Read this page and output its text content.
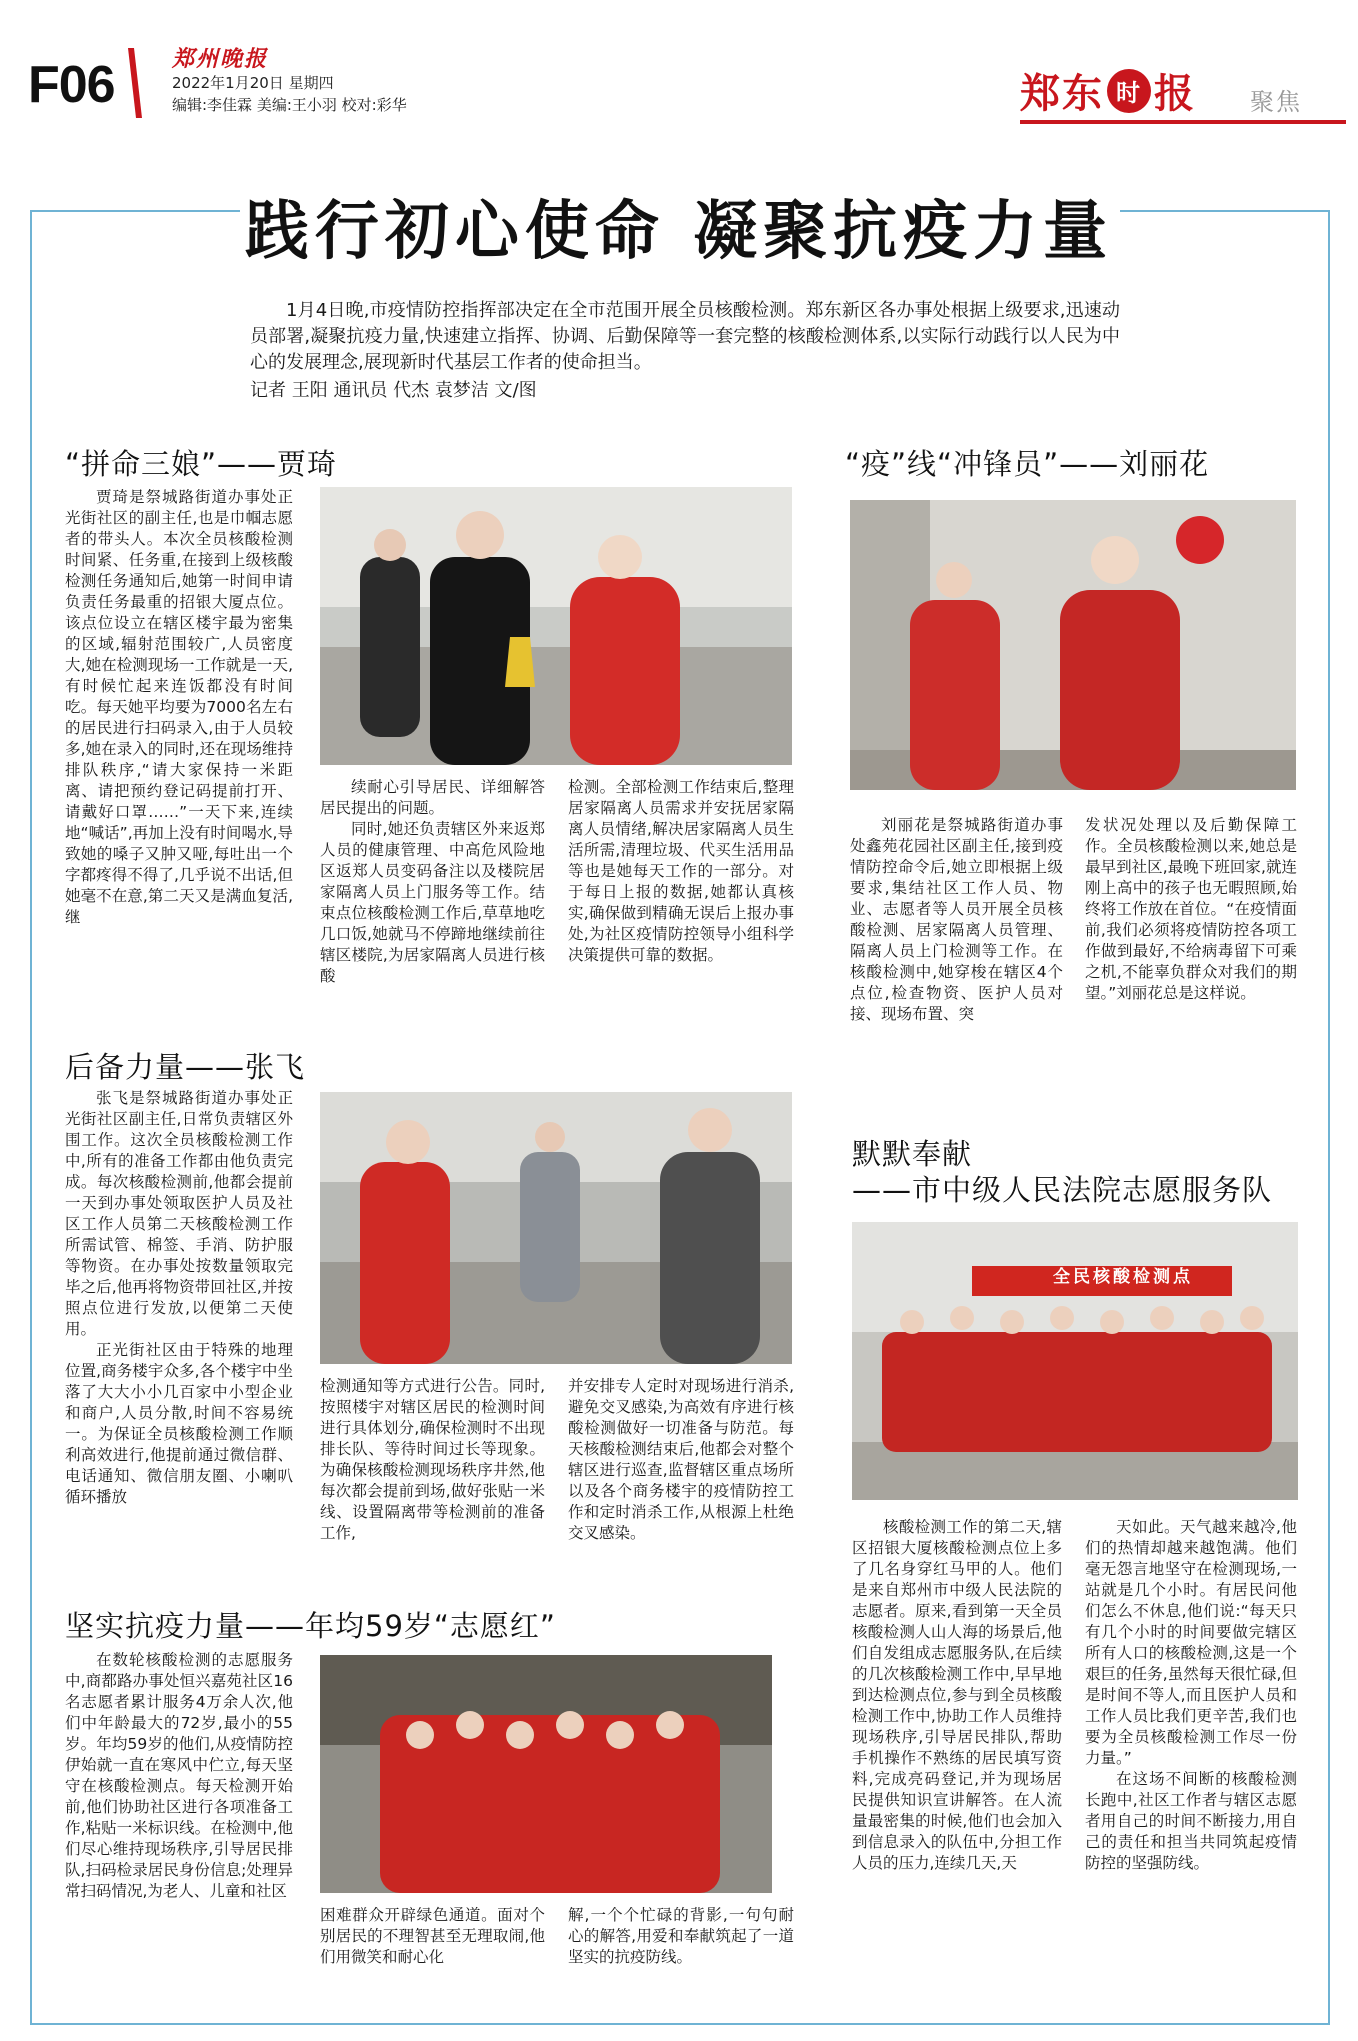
F06	郑州晚报
2022年1月20日 星期四
编辑:李佳霖 美编:王小羽 校对:彩华	郑东 时 报 聚焦
践行初心使命 凝聚抗疫力量
1月4日晚,市疫情防控指挥部决定在全市范围开展全员核酸检测。郑东新区各办事处根据上级要求,迅速动员部署,凝聚抗疫力量,快速建立指挥、协调、后勤保障等一套完整的核酸检测体系,以实际行动践行以人民为中心的发展理念,展现新时代基层工作者的使命担当。
记者 王阳 通讯员 代杰 袁梦洁 文/图
“拼命三娘”——贾琦
贾琦是祭城路街道办事处正光街社区的副主任,也是巾帼志愿者的带头人。本次全员核酸检测时间紧、任务重,在接到上级核酸检测任务通知后,她第一时间申请负责任务最重的招银大厦点位。该点位设立在辖区楼宇最为密集的区域,辐射范围较广,人员密度大,她在检测现场一工作就是一天,有时候忙起来连饭都没有时间吃。每天她平均要为7000名左右的居民进行扫码录入,由于人员较多,她在录入的同时,还在现场维持排队秩序,“请大家保持一米距离、请把预约登记码提前打开、请戴好口罩……”一天下来,连续地“喊话”,再加上没有时间喝水,导致她的嗓子又肿又哑,每吐出一个字都疼得不得了,几乎说不出话,但她毫不在意,第二天又是满血复活,继
续耐心引导居民、详细解答居民提出的问题。
同时,她还负责辖区外来返郑人员的健康管理、中高危风险地区返郑人员变码备注以及楼院居家隔离人员上门服务等工作。结束点位核酸检测工作后,草草地吃几口饭,她就马不停蹄地继续前往辖区楼院,为居家隔离人员进行核酸
检测。全部检测工作结束后,整理居家隔离人员需求并安抚居家隔离人员情绪,解决居家隔离人员生活所需,清理垃圾、代买生活用品等也是她每天工作的一部分。对于每日上报的数据,她都认真核实,确保做到精确无误后上报办事处,为社区疫情防控领导小组科学决策提供可靠的数据。
后备力量——张飞
张飞是祭城路街道办事处正光街社区副主任,日常负责辖区外围工作。这次全员核酸检测工作中,所有的准备工作都由他负责完成。每次核酸检测前,他都会提前一天到办事处领取医护人员及社区工作人员第二天核酸检测工作所需试管、棉签、手消、防护服等物资。在办事处按数量领取完毕之后,他再将物资带回社区,并按照点位进行发放,以便第二天使用。
正光街社区由于特殊的地理位置,商务楼宇众多,各个楼宇中坐落了大大小小几百家中小型企业和商户,人员分散,时间不容易统一。为保证全员核酸检测工作顺利高效进行,他提前通过微信群、电话通知、微信朋友圈、小喇叭循环播放
检测通知等方式进行公告。同时,按照楼宇对辖区居民的检测时间进行具体划分,确保检测时不出现排长队、等待时间过长等现象。为确保核酸检测现场秩序井然,他每次都会提前到场,做好张贴一米线、设置隔离带等检测前的准备工作,
并安排专人定时对现场进行消杀,避免交叉感染,为高效有序进行核酸检测做好一切准备与防范。每天核酸检测结束后,他都会对整个辖区进行巡查,监督辖区重点场所以及各个商务楼宇的疫情防控工作和定时消杀工作,从根源上杜绝交叉感染。
坚实抗疫力量——年均59岁“志愿红”
在数轮核酸检测的志愿服务中,商都路办事处恒兴嘉苑社区16名志愿者累计服务4万余人次,他们中年龄最大的72岁,最小的55岁。年均59岁的他们,从疫情防控伊始就一直在寒风中伫立,每天坚守在核酸检测点。每天检测开始前,他们协助社区进行各项准备工作,粘贴一米标识线。在检测中,他们尽心维持现场秩序,引导居民排队,扫码检录居民身份信息;处理异常扫码情况,为老人、儿童和社区
困难群众开辟绿色通道。面对个别居民的不理智甚至无理取闹,他们用微笑和耐心化
解,一个个忙碌的背影,一句句耐心的解答,用爱和奉献筑起了一道坚实的抗疫防线。
“疫”线“冲锋员”——刘丽花
刘丽花是祭城路街道办事处鑫苑花园社区副主任,接到疫情防控命令后,她立即根据上级要求,集结社区工作人员、物业、志愿者等人员开展全员核酸检测、居家隔离人员管理、隔离人员上门检测等工作。在核酸检测中,她穿梭在辖区4个点位,检查物资、医护人员对接、现场布置、突
发状况处理以及后勤保障工作。全员核酸检测以来,她总是最早到社区,最晚下班回家,就连刚上高中的孩子也无暇照顾,始终将工作放在首位。“在疫情面前,我们必须将疫情防控各项工作做到最好,不给病毒留下可乘之机,不能辜负群众对我们的期望。”刘丽花总是这样说。
默默奉献
——市中级人民法院志愿服务队
全民核酸检测点
核酸检测工作的第二天,辖区招银大厦核酸检测点位上多了几名身穿红马甲的人。他们是来自郑州市中级人民法院的志愿者。原来,看到第一天全员核酸检测人山人海的场景后,他们自发组成志愿服务队,在后续的几次核酸检测工作中,早早地到达检测点位,参与到全员核酸检测工作中,协助工作人员维持现场秩序,引导居民排队,帮助手机操作不熟练的居民填写资料,完成亮码登记,并为现场居民提供知识宣讲解答。在人流量最密集的时候,他们也会加入到信息录入的队伍中,分担工作人员的压力,连续几天,天
天如此。天气越来越冷,他们的热情却越来越饱满。他们毫无怨言地坚守在检测现场,一站就是几个小时。有居民问他们怎么不休息,他们说:“每天只有几个小时的时间要做完辖区所有人口的核酸检测,这是一个艰巨的任务,虽然每天很忙碌,但是时间不等人,而且医护人员和工作人员比我们更辛苦,我们也要为全员核酸检测工作尽一份力量。”
在这场不间断的核酸检测长跑中,社区工作者与辖区志愿者用自己的时间不断接力,用自己的责任和担当共同筑起疫情防控的坚强防线。
